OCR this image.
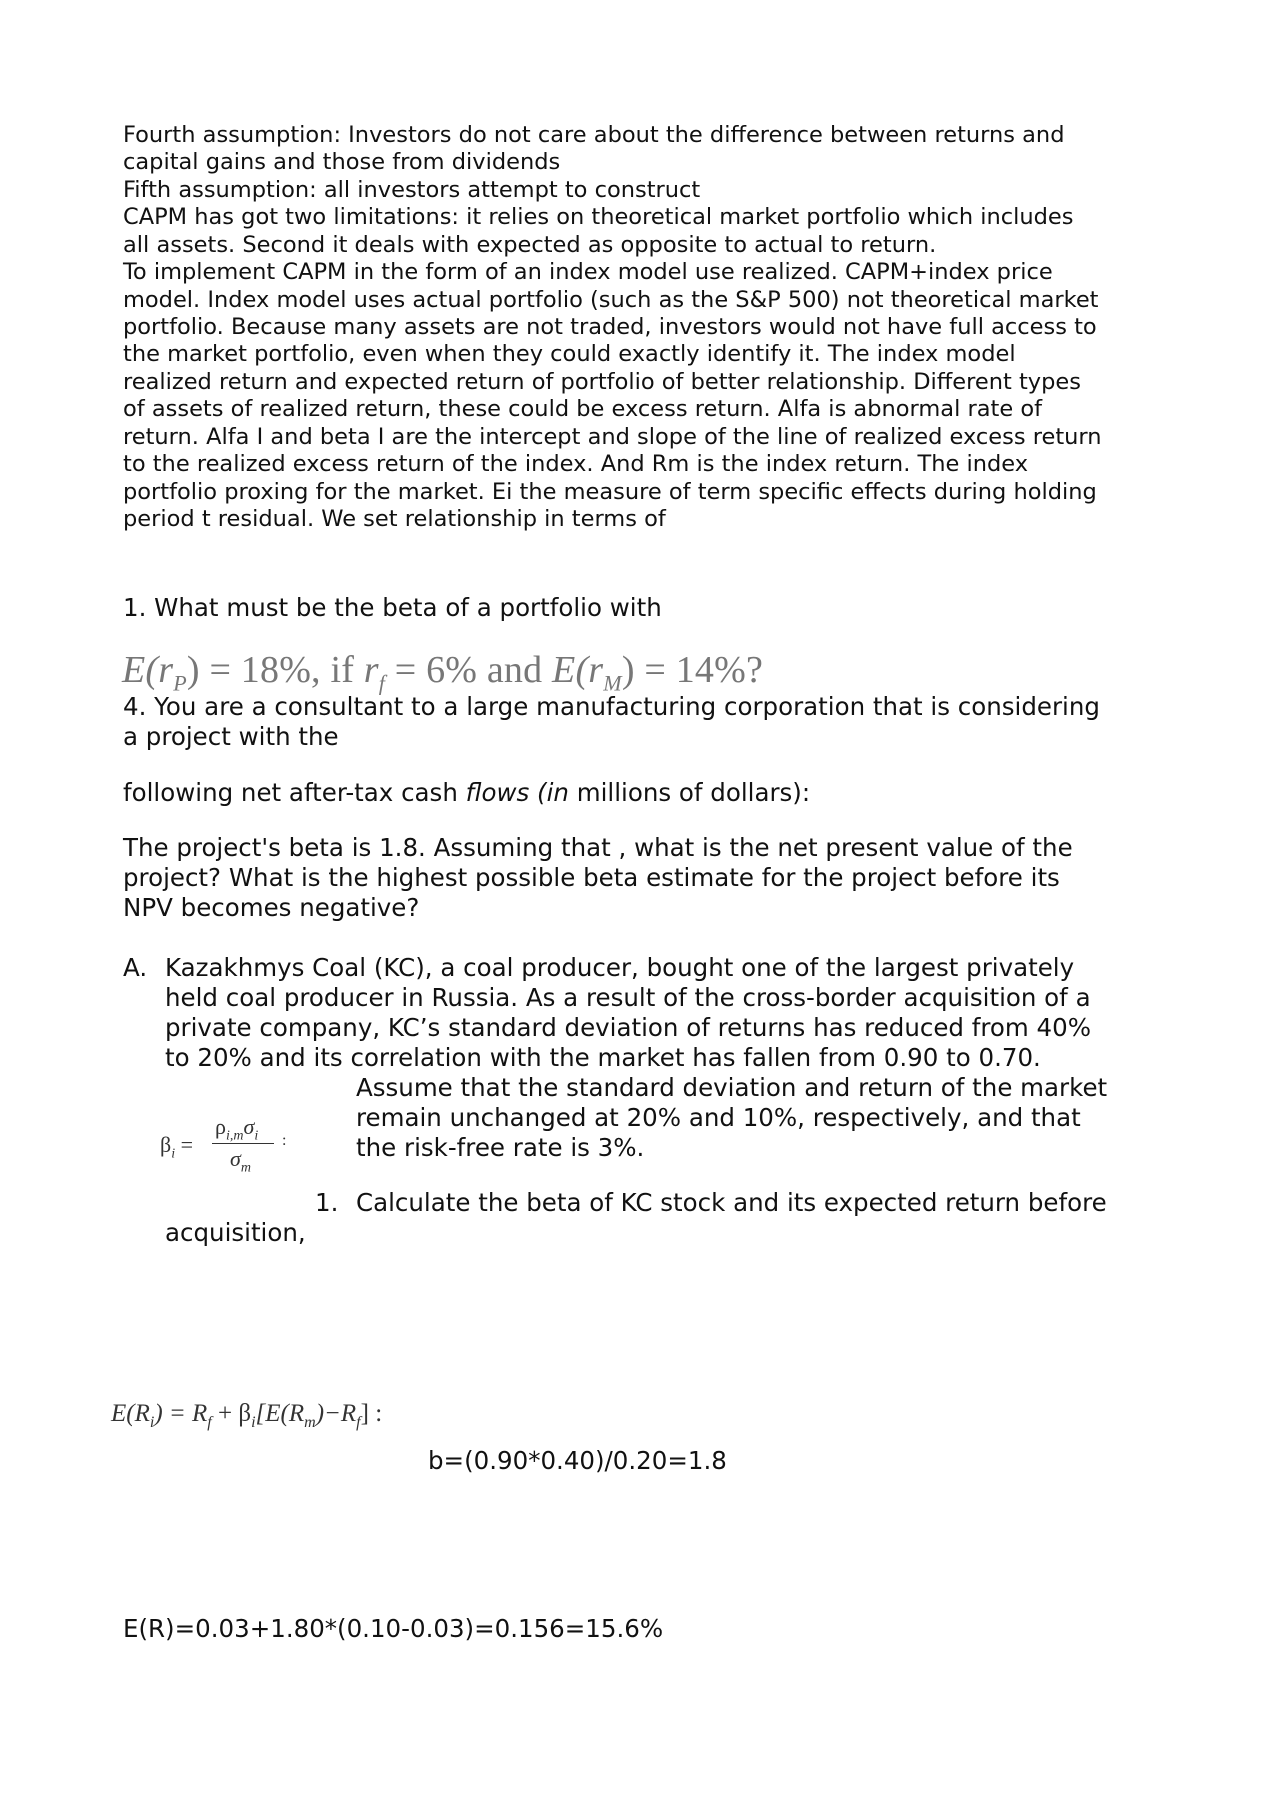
Fourth assumption: Investors do not care about the difference between returns and

capital gains and those from dividends

Fifth assumption: all investors attempt to construct

CAPM has got two limitations: it relies on theoretical market portfolio which includes

all assets. Second it deals with expected as opposite to actual to return.

To implement CAPM in the form of an index model use realized. CAPM+index price

model. Index model uses actual portfolio (such as the S&P 500) not theoretical market

portfolio. Because many assets are not traded, investors would not have full access to

the market portfolio, even when they could exactly identify it. The index model

realized return and expected return of portfolio of better relationship. Different types

of assets of realized return, these could be excess return. Alfa is abnormal rate of

return. Alfa I and beta I are the intercept and slope of the line of realized excess return

to the realized excess return of the index. And Rm is the index return. The index

portfolio proxing for the market. Ei the measure of term specific effects during holding

period t residual. We set relationship in terms of

1. What must be the beta of a portfolio with

$E(r_P) = 18\%$, if $r_f = 6\%$ and $E(r_M) = 14\%$?

4. You are a consultant to a large manufacturing corporation that is considering

a project with the

following net after-tax cash flows (in millions of dollars):

The project's beta is 1.8. Assuming that , what is the net present value of the

project? What is the highest possible beta estimate for the project before its

NPV becomes negative?

A. Kazakhmys Coal (KC), a coal producer, bought one of the largest privately

held coal producer in Russia. As a result of the cross-border acquisition of a

private company, KC’s standard deviation of returns has reduced from 40%

to 20% and its correlation with the market has fallen from 0.90 to 0.70.

Assume that the standard deviation and return of the market

remain unchanged at 20% and 10%, respectively, and that

the risk-free rate is 3%.

$\beta_i$ =
$\rho_{i,m}\sigma_i$
$\sigma_m$
:
1. Calculate the beta of KC stock and its expected return before

acquisition,

$E(R_i) = R_f + \beta_i[E(R_m)-R_f]$ :
b=(0.90*0.40)/0.20=1.8
E(R)=0.03+1.80*(0.10-0.03)=0.156=15.6%
